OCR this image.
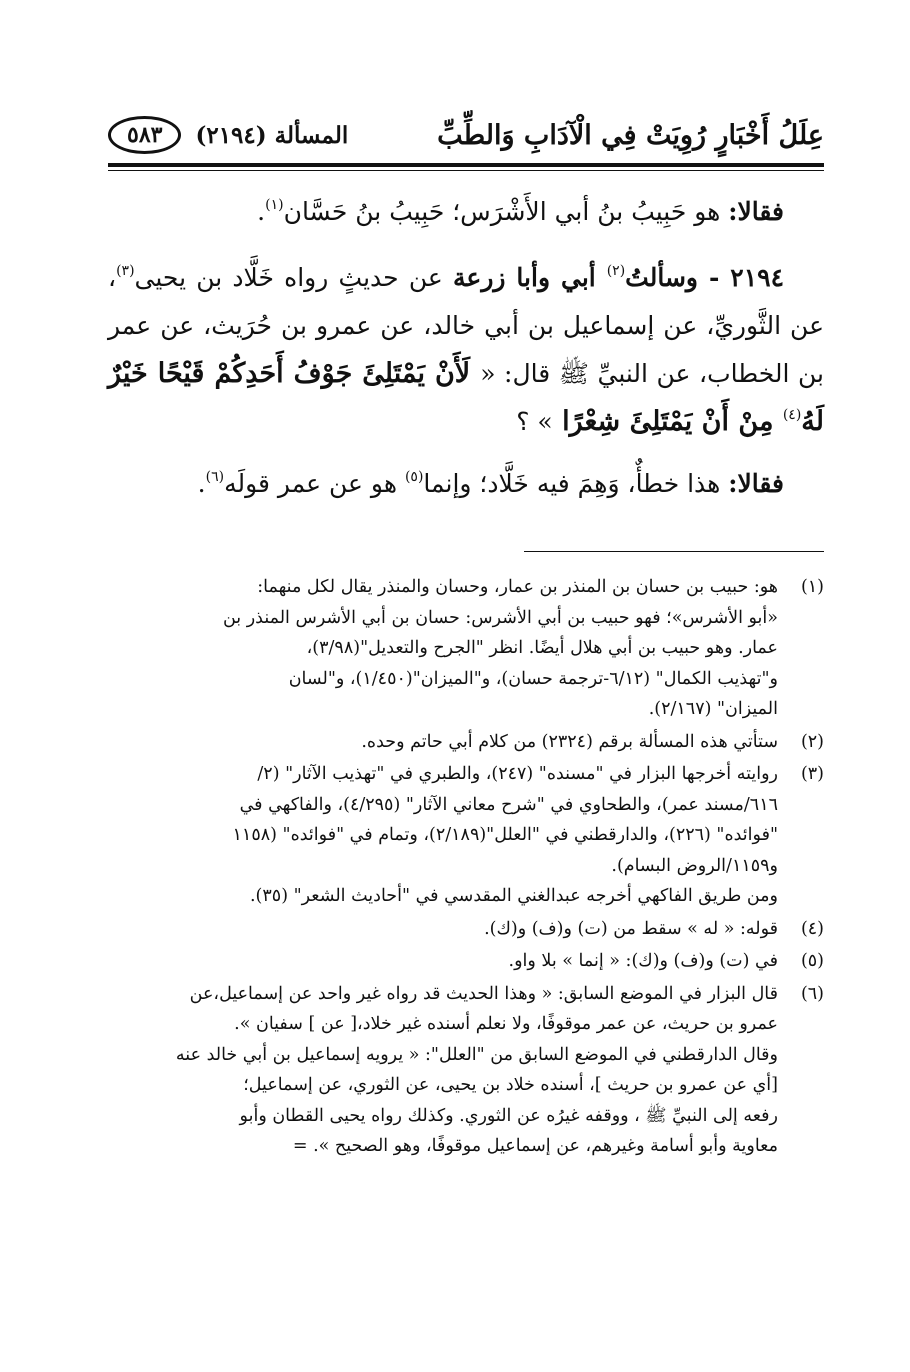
عِلَلُ أَخْبَارٍ رُوِيَتْ فِي الْآدَابِ وَالطِّبِّ
المسألة (٢١٩٤)
٥٨٣

فقالا: هو حَبِيبُ بنُ أبي الأَشْرَس؛ حَبِيبُ بنُ حَسَّان$^{(١)}$.

٢١٩٤ - وسألتُ$^{(٢)}$ أبي وأبا زرعة عن حديثٍ رواه خَلَّاد بن يحيى$^{(٣)}$، عن الثَّوريِّ، عن إسماعيل بن أبي خالد، عن عمرو بن حُرَيث، عن عمر بن الخطاب، عن النبيِّ ﷺ قال: « لَأَنْ يَمْتَلِئَ جَوْفُ أَحَدِكُمْ قَيْحًا خَيْرٌ لَهُ$^{(٤)}$ مِنْ أَنْ يَمْتَلِئَ شِعْرًا » ؟

فقالا: هذا خطأٌ، وَهِمَ فيه خَلَّاد؛ وإنما$^{(٥)}$ هو عن عمر قولَه$^{(٦)}$.

(١)
هو: حبيب بن حسان بن المنذر بن عمار، وحسان والمنذر يقال لكل منهما:
«أبو الأشرس»؛ فهو حبيب بن أبي الأشرس: حسان بن أبي الأشرس المنذر بن
عمار. وهو حبيب بن أبي هلال أيضًا. انظر "الجرح والتعديل"(٣/٩٨)،
و"تهذيب الكمال" (٦/١٢-ترجمة حسان)، و"الميزان"(١/٤٥٠)، و"لسان
الميزان" (٢/١٦٧).
(٢)
ستأتي هذه المسألة برقم (٢٣٢٤) من كلام أبي حاتم وحده.
(٣)
روايته أخرجها البزار في "مسنده" (٢٤٧)، والطبري في "تهذيب الآثار" (٢/
٦١٦/مسند عمر)، والطحاوي في "شرح معاني الآثار" (٤/٢٩٥)، والفاكهي في
"فوائده" (٢٢٦)، والدارقطني في "العلل"(٢/١٨٩)، وتمام في "فوائده" (١١٥٨
و١١٥٩/الروض البسام).
ومن طريق الفاكهي أخرجه عبدالغني المقدسي في "أحاديث الشعر" (٣٥).
(٤)
قوله: « له » سقط من (ت) و(ف) و(ك).
(٥)
في (ت) و(ف) و(ك): « إنما » بلا واو.
(٦)
قال البزار في الموضع السابق: « وهذا الحديث قد رواه غير واحد عن إسماعيل،عن
عمرو بن حريث، عن عمر موقوفًا، ولا نعلم أسنده غير خلاد،[ عن ] سفيان ».
وقال الدارقطني في الموضع السابق من "العلل": « يرويه إسماعيل بن أبي خالد عنه
[أي عن عمرو بن حريث ]، أسنده خلاد بن يحيى، عن الثوري، عن إسماعيل؛
رفعه إلى النبيِّ ﷺ ، ووقفه غيرُه عن الثوري. وكذلك رواه يحيى القطان وأبو
معاوية وأبو أسامة وغيرهم، عن إسماعيل موقوفًا، وهو الصحيح ». =
